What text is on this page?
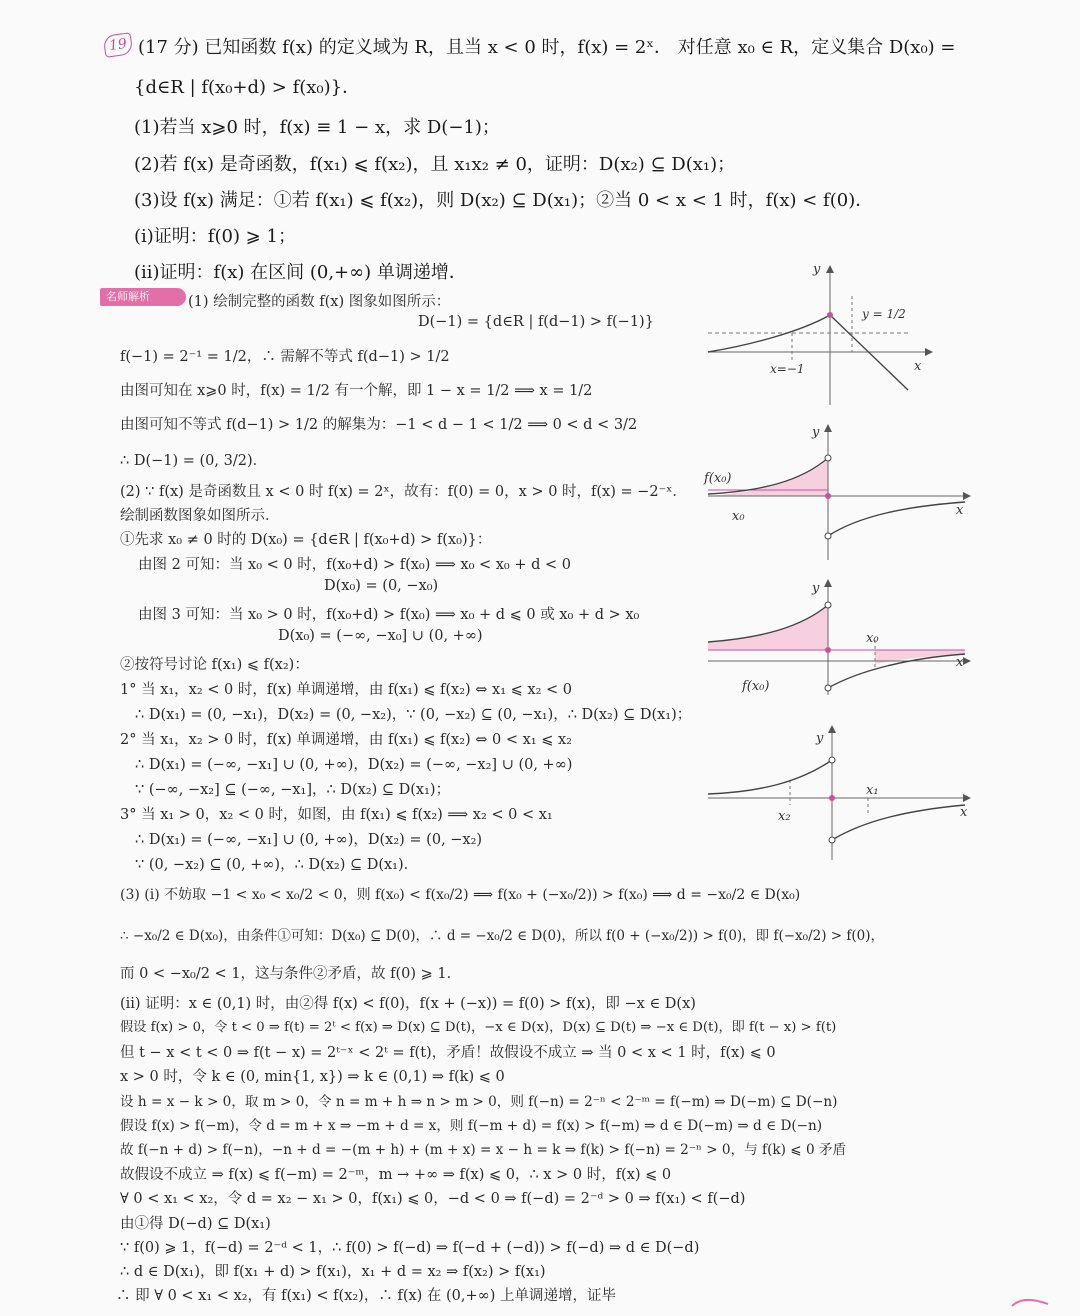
19 (17 分) 已知函数 f(x) 的定义域为 R，且当 x < 0 时，f(x) = 2ˣ． 对任意 x₀ ∈ R，定义集合 D(x₀) =
{d∈R | f(x₀+d) > f(x₀)}．
(1)若当 x⩾0 时，f(x) ≡ 1 − x，求 D(−1)；
(2)若 f(x) 是奇函数，f(x₁) ⩽ f(x₂)，且 x₁x₂ ≠ 0，证明：D(x₂) ⊆ D(x₁)；
(3)设 f(x) 满足：①若 f(x₁) ⩽ f(x₂)，则 D(x₂) ⊆ D(x₁)；②当 0 < x < 1 时，f(x) < f(0)．
(i)证明：f(0) ⩾ 1；
(ii)证明：f(x) 在区间 (0,+∞) 单调递增．
名师解析	(1) 绘制完整的函数 f(x) 图象如图所示：
D(−1) = {d∈R | f(d−1) > f(−1)}
f(−1) = 2⁻¹ = 1/2，∴ 需解不等式 f(d−1) > 1/2
由图可知在 x⩾0 时，f(x) = 1/2 有一个解，即 1 − x = 1/2 ⟹ x = 1/2
由图可知不等式 f(d−1) > 1/2 的解集为：−1 < d − 1 < 1/2 ⟹ 0 < d < 3/2
∴ D(−1) = (0, 3/2)．
(2) ∵ f(x) 是奇函数且 x < 0 时 f(x) = 2ˣ，故有：f(0) = 0，x > 0 时，f(x) = −2⁻ˣ．
绘制函数图象如图所示．
①先求 x₀ ≠ 0 时的 D(x₀) = {d∈R | f(x₀+d) > f(x₀)}：
由图 2 可知：当 x₀ < 0 时，f(x₀+d) > f(x₀) ⟹ x₀ < x₀ + d < 0
D(x₀) = (0, −x₀)
由图 3 可知：当 x₀ > 0 时，f(x₀+d) > f(x₀) ⟹ x₀ + d ⩽ 0 或 x₀ + d > x₀
D(x₀) = (−∞, −x₀] ∪ (0, +∞)
②按符号讨论 f(x₁) ⩽ f(x₂)：
1° 当 x₁，x₂ < 0 时，f(x) 单调递增，由 f(x₁) ⩽ f(x₂) ⇔ x₁ ⩽ x₂ < 0
∴ D(x₁) = (0, −x₁)，D(x₂) = (0, −x₂)，∵ (0, −x₂) ⊆ (0, −x₁)，∴ D(x₂) ⊆ D(x₁)；
2° 当 x₁，x₂ > 0 时，f(x) 单调递增，由 f(x₁) ⩽ f(x₂) ⇔ 0 < x₁ ⩽ x₂
∴ D(x₁) = (−∞, −x₁] ∪ (0, +∞)，D(x₂) = (−∞, −x₂] ∪ (0, +∞)
∵ (−∞, −x₂] ⊆ (−∞, −x₁]，∴ D(x₂) ⊆ D(x₁)；
3° 当 x₁ > 0，x₂ < 0 时，如图，由 f(x₁) ⩽ f(x₂) ⟹ x₂ < 0 < x₁
∴ D(x₁) = (−∞, −x₁] ∪ (0, +∞)，D(x₂) = (0, −x₂)
∵ (0, −x₂) ⊆ (0, +∞)，∴ D(x₂) ⊆ D(x₁)．
(3) (i) 不妨取 −1 < x₀ < x₀/2 < 0，则 f(x₀) < f(x₀/2) ⟹ f(x₀ + (−x₀/2)) > f(x₀) ⟹ d = −x₀/2 ∈ D(x₀)
∴ −x₀/2 ∈ D(x₀)，由条件①可知：D(x₀) ⊆ D(0)，∴ d = −x₀/2 ∈ D(0)，所以 f(0 + (−x₀/2)) > f(0)，即 f(−x₀/2) > f(0)，
而 0 < −x₀/2 < 1，这与条件②矛盾，故 f(0) ⩾ 1．
(ii) 证明：x ∈ (0,1) 时，由②得 f(x) < f(0)，f(x + (−x)) = f(0) > f(x)，即 −x ∈ D(x)
假设 f(x) > 0，令 t < 0 ⇒ f(t) = 2ᵗ < f(x) ⇒ D(x) ⊆ D(t)，−x ∈ D(x)，D(x) ⊆ D(t) ⇒ −x ∈ D(t)，即 f(t − x) > f(t)
但 t − x < t < 0 ⇒ f(t − x) = 2ᵗ⁻ˣ < 2ᵗ = f(t)，矛盾！故假设不成立 ⇒ 当 0 < x < 1 时，f(x) ⩽ 0
x > 0 时，令 k ∈ (0, min{1, x}) ⇒ k ∈ (0,1) ⇒ f(k) ⩽ 0
设 h = x − k > 0，取 m > 0，令 n = m + h ⇒ n > m > 0，则 f(−n) = 2⁻ⁿ < 2⁻ᵐ = f(−m) ⇒ D(−m) ⊆ D(−n)
假设 f(x) > f(−m)，令 d = m + x ⇒ −m + d = x，则 f(−m + d) = f(x) > f(−m) ⇒ d ∈ D(−m) ⇒ d ∈ D(−n)
故 f(−n + d) > f(−n)，−n + d = −(m + h) + (m + x) = x − h = k ⇒ f(k) > f(−n) = 2⁻ⁿ > 0，与 f(k) ⩽ 0 矛盾
故假设不成立 ⇒ f(x) ⩽ f(−m) = 2⁻ᵐ，m → +∞ ⇒ f(x) ⩽ 0，∴ x > 0 时，f(x) ⩽ 0
∀ 0 < x₁ < x₂，令 d = x₂ − x₁ > 0，f(x₁) ⩽ 0，−d < 0 ⇒ f(−d) = 2⁻ᵈ > 0 ⇒ f(x₁) < f(−d)
由①得 D(−d) ⊆ D(x₁)
∵ f(0) ⩾ 1，f(−d) = 2⁻ᵈ < 1，∴ f(0) > f(−d) ⇒ f(−d + (−d)) > f(−d) ⇒ d ∈ D(−d)
∴ d ∈ D(x₁)，即 f(x₁ + d) > f(x₁)，x₁ + d = x₂ ⇒ f(x₂) > f(x₁)
∴ 即 ∀ 0 < x₁ < x₂，有 f(x₁) < f(x₂)，∴ f(x) 在 (0,+∞) 上单调递增，证毕
y
x
y = 1/2
x=−1
y
x
f(x₀)
x₀
y
x
x₀
f(x₀)
y
x
x₁
x₂
